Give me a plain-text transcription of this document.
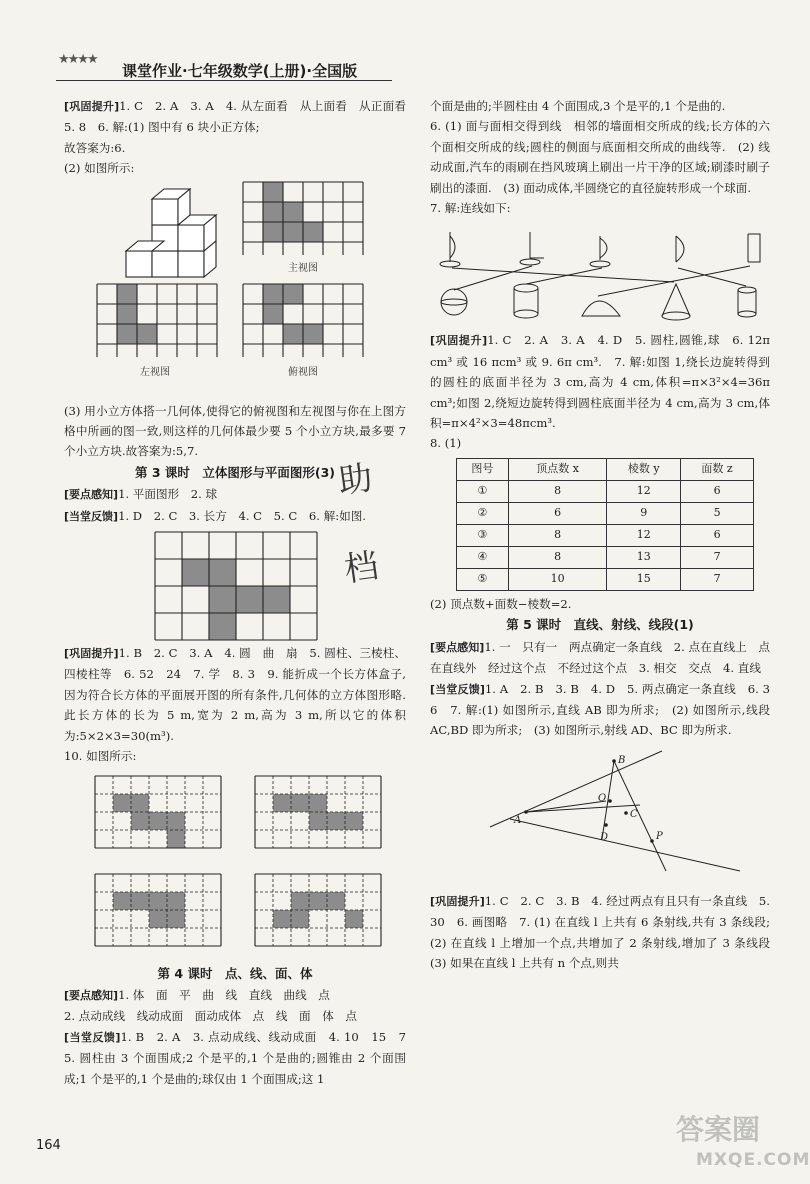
★★★★
课堂作业·七年级数学(上册)·全国版

[巩固提升]1. C　2. A　3. A　4. 从左面看　从上面看　从正面看　5. 8　6. 解:(1) 图中有 6 块小正方体;

故答案为:6.

(2) 如图所示:

主视图
左视图	俯视图

(3) 用小立方体搭一几何体,使得它的俯视图和左视图与你在上图方格中所画的图一致,则这样的几何体最少要 5 个小立方块,最多要 7 个小立方块.故答案为:5,7.

第 3 课时　立体图形与平面图形(3)

[要点感知]1. 平面图形　2. 球

[当堂反馈]1. D　2. C　3. 长方　4. C　5. C　6. 解:如图.

[巩固提升]1. B　2. C　3. A　4. 圆　曲　扇　5. 圆柱、三棱柱、四棱柱等　6. 52　24　7. 学　8. 3　9. 能折成一个长方体盒子,因为符合长方体的平面展开图的所有条件,几何体的立方体图形略.此长方体的长为 5 m,宽为 2 m,高为 3 m,所以它的体积为:5×2×3=30(m³).

10. 如图所示:

第 4 课时　点、线、面、体

[要点感知]1. 体　面　平　曲　线　直线　曲线　点

2. 点动成线　线动成面　面动成体　点　线　面　体　点

[当堂反馈]1. B　2. A　3. 点动成线、线动成面　4. 10　15　7　5. 圆柱由 3 个面围成;2 个是平的,1 个是曲的;圆锥由 2 个面围成;1 个是平的,1 个是曲的;球仅由 1 个面围成;这 1

个面是曲的;半圆柱由 4 个面围成,3 个是平的,1 个是曲的.

6. (1) 面与面相交得到线　相邻的墙面相交所成的线;长方体的六个面相交所成的线;圆柱的侧面与底面相交所成的曲线等.　(2) 线动成面,汽车的雨刷在挡风玻璃上刷出一片干净的区域;刷漆时刷子刷出的漆面.　(3) 面动成体,半圆绕它的直径旋转形成一个球面.

7. 解:连线如下:

[巩固提升]1. C　2. A　3. A　4. D　5. 圆柱,圆锥,球　6. 12π cm³ 或 16 πcm³ 或 9. 6π cm³.　7. 解:如图 1,绕长边旋转得到的圆柱的底面半径为 3 cm,高为 4 cm,体积=π×3²×4=36π cm³;如图 2,绕短边旋转得到圆柱底面半径为 4 cm,高为 3 cm,体积=π×4²×3=48πcm³.

8. (1)

图号	顶点数 x	棱数 y	面数 z
①	8	12	6
②	6	9	5
③	8	12	6
④	8	13	7
⑤	10	15	7

(2) 顶点数+面数−棱数=2.

第 5 课时　直线、射线、线段(1)

[要点感知]1. 一　只有一　两点确定一条直线　2. 点在直线上　点在直线外　经过这个点　不经过这个点　3. 相交　交点　4. 直线

[当堂反馈]1. A　2. B　3. B　4. D　5. 两点确定一条直线　6. 3　6　7. 解:(1) 如图所示,直线 AB 即为所求;　(2) 如图所示,线段 AC,BD 即为所求;　(3) 如图所示,射线 AD、BC 即为所求.

A
B
C
D
O
P

[巩固提升]1. C　2. C　3. B　4. 经过两点有且只有一条直线　5. 30　6. 画图略　7. (1) 在直线 l 上共有 6 条射线,共有 3 条线段;　(2) 在直线 l 上增加一个点,共增加了 2 条射线,增加了 3 条线段　(3) 如果在直线 l 上共有 n 个点,则共

助
档
164	答案圈
MXQE.COM
